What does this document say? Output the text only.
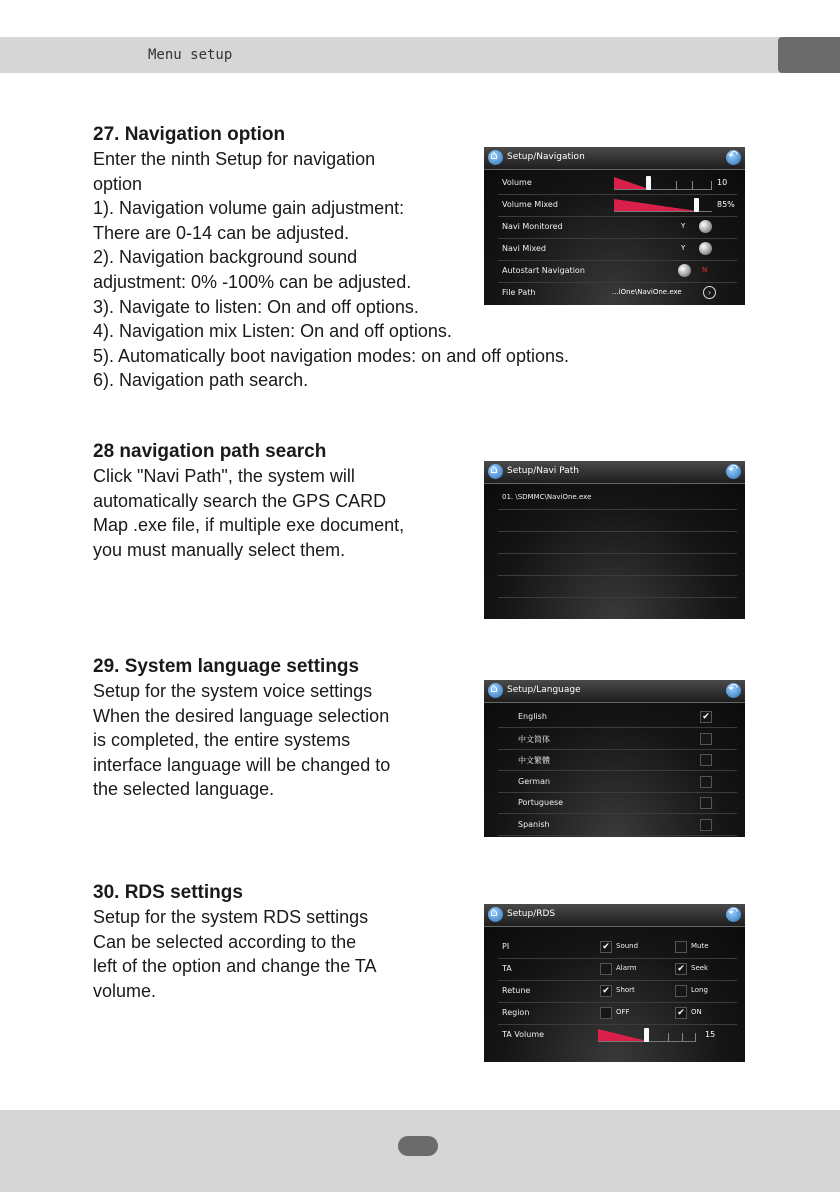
Menu setup
27. Navigation option

Enter the ninth Setup for navigation

option

1). Navigation volume gain adjustment:

There are 0-14 can be adjusted.

2). Navigation background sound

adjustment: 0% -100% can be adjusted.

3). Navigate to listen: On and off options.

4). Navigation mix Listen: On and off options.

5). Automatically boot navigation modes: on and off options.

6). Navigation path search.

28 navigation path search

Click "Navi Path", the system will

automatically search the GPS CARD

Map .exe file, if multiple exe document,

you must manually select them.

29. System language settings

Setup for the system voice settings

When the desired language selection

is completed, the entire systems

interface language will be changed to

the selected language.

30. RDS settings

Setup for the system RDS settings

Can be selected according to the

left of the option and change the TA

volume.

⌂
Setup/Navigation
↶
Volume	10
Volume Mixed	85%
Navi Monitored	Y
Navi Mixed	Y
Autostart Navigation	N
File Path	...iOne\NaviOne.exe	›
⌂
Setup/Navi Path
↶
01. \SDMMC\NaviOne.exe
⌂
Setup/Language
↶
English	✔
中文简体
中文繁體
German
Portuguese
Spanish
⌂
Setup/RDS
↶
PI	✔ Sound	Mute
TA	Alarm	✔ Seek
Retune	✔ Short	Long
Region	OFF	✔ ON
TA Volume	15
